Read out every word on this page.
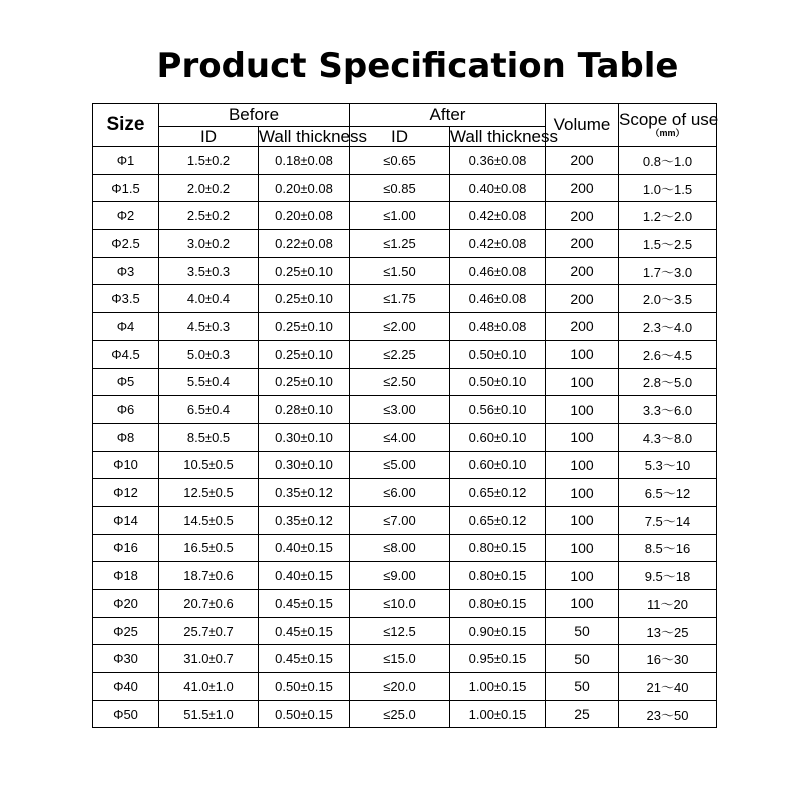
Product Specification Table
Size	Before		After		Volume	Scope of use
（mm）

	ID	Wall thickness	ID	Wall thickness		
Φ1	1.5±0.2	0.18±0.08	≤0.65	0.36±0.08	200	0.8～1.0
Φ1.5	2.0±0.2	0.20±0.08	≤0.85	0.40±0.08	200	1.0～1.5
Φ2	2.5±0.2	0.20±0.08	≤1.00	0.42±0.08	200	1.2～2.0
Φ2.5	3.0±0.2	0.22±0.08	≤1.25	0.42±0.08	200	1.5～2.5
Φ3	3.5±0.3	0.25±0.10	≤1.50	0.46±0.08	200	1.7～3.0
Φ3.5	4.0±0.4	0.25±0.10	≤1.75	0.46±0.08	200	2.0～3.5
Φ4	4.5±0.3	0.25±0.10	≤2.00	0.48±0.08	200	2.3～4.0
Φ4.5	5.0±0.3	0.25±0.10	≤2.25	0.50±0.10	100	2.6～4.5
Φ5	5.5±0.4	0.25±0.10	≤2.50	0.50±0.10	100	2.8～5.0
Φ6	6.5±0.4	0.28±0.10	≤3.00	0.56±0.10	100	3.3～6.0
Φ8	8.5±0.5	0.30±0.10	≤4.00	0.60±0.10	100	4.3～8.0
Φ10	10.5±0.5	0.30±0.10	≤5.00	0.60±0.10	100	5.3～10
Φ12	12.5±0.5	0.35±0.12	≤6.00	0.65±0.12	100	6.5～12
Φ14	14.5±0.5	0.35±0.12	≤7.00	0.65±0.12	100	7.5～14
Φ16	16.5±0.5	0.40±0.15	≤8.00	0.80±0.15	100	8.5～16
Φ18	18.7±0.6	0.40±0.15	≤9.00	0.80±0.15	100	9.5～18
Φ20	20.7±0.6	0.45±0.15	≤10.0	0.80±0.15	100	11～20
Φ25	25.7±0.7	0.45±0.15	≤12.5	0.90±0.15	50	13～25
Φ30	31.0±0.7	0.45±0.15	≤15.0	0.95±0.15	50	16～30
Φ40	41.0±1.0	0.50±0.15	≤20.0	1.00±0.15	50	21～40
Φ50	51.5±1.0	0.50±0.15	≤25.0	1.00±0.15	25	23～50
